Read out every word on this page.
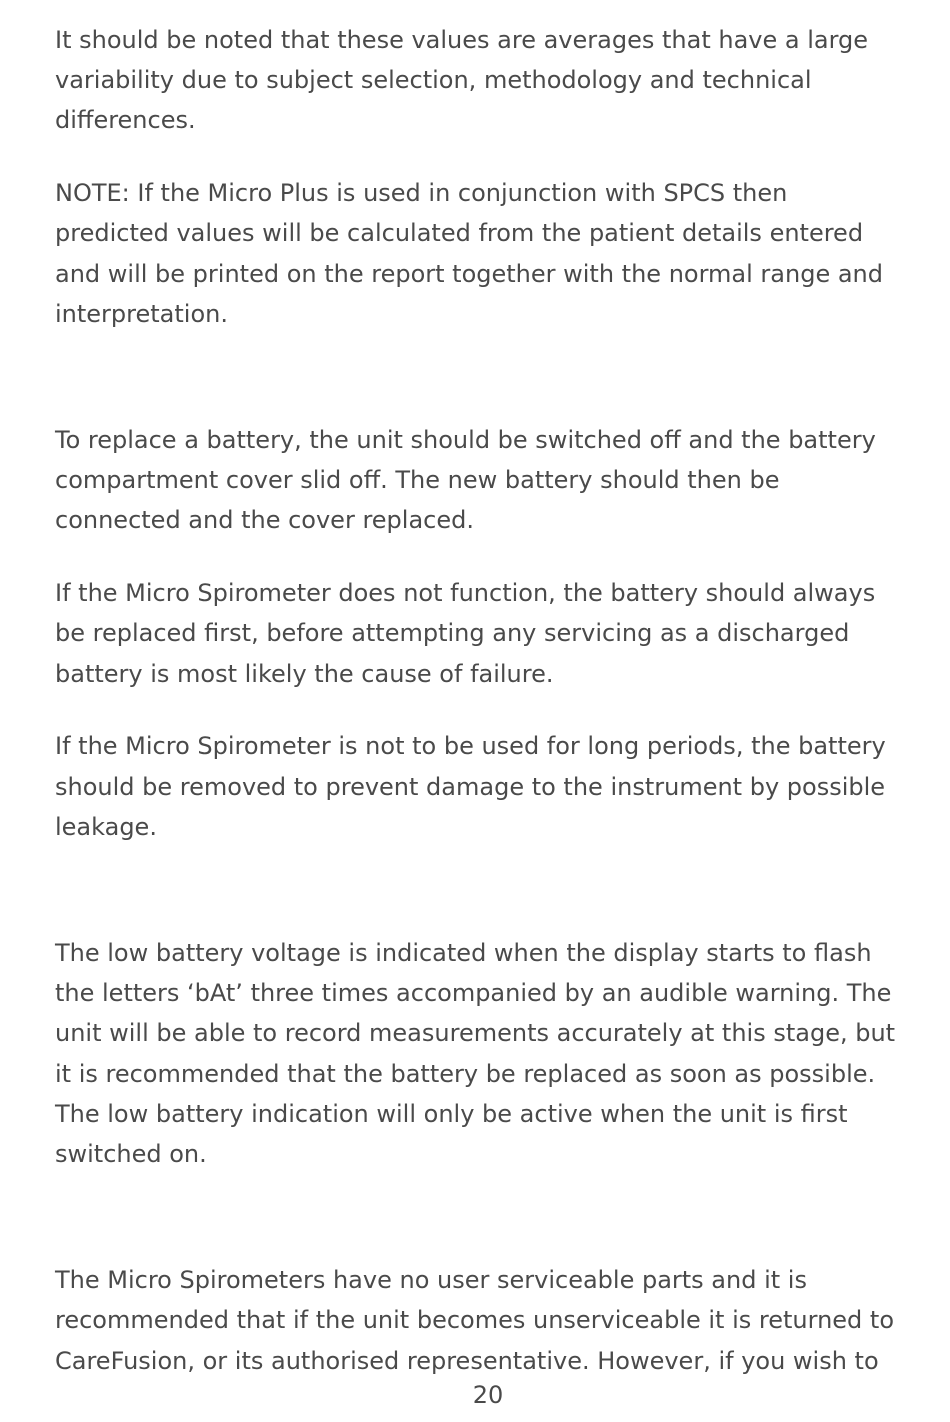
It should be noted that these values are averages that have a large
variability due to subject selection, methodology and technical
differences.
NOTE: If the Micro Plus is used in conjunction with SPCS then
predicted values will be calculated from the patient details entered
and will be printed on the report together with the normal range and
interpretation.
To replace a battery, the unit should be switched off and the battery
compartment cover slid off. The new battery should then be
connected and the cover replaced.
If the Micro Spirometer does not function, the battery should always
be replaced first, before attempting any servicing as a discharged
battery is most likely the cause of failure.
If the Micro Spirometer is not to be used for long periods, the battery
should be removed to prevent damage to the instrument by possible
leakage.
The low battery voltage is indicated when the display starts to flash
the letters ‘bAt’ three times accompanied by an audible warning. The
unit will be able to record measurements accurately at this stage, but
it is recommended that the battery be replaced as soon as possible.
The low battery indication will only be active when the unit is first
switched on.
The Micro Spirometers have no user serviceable parts and it is
recommended that if the unit becomes unserviceable it is returned to
CareFusion, or its authorised representative. However, if you wish to
20
